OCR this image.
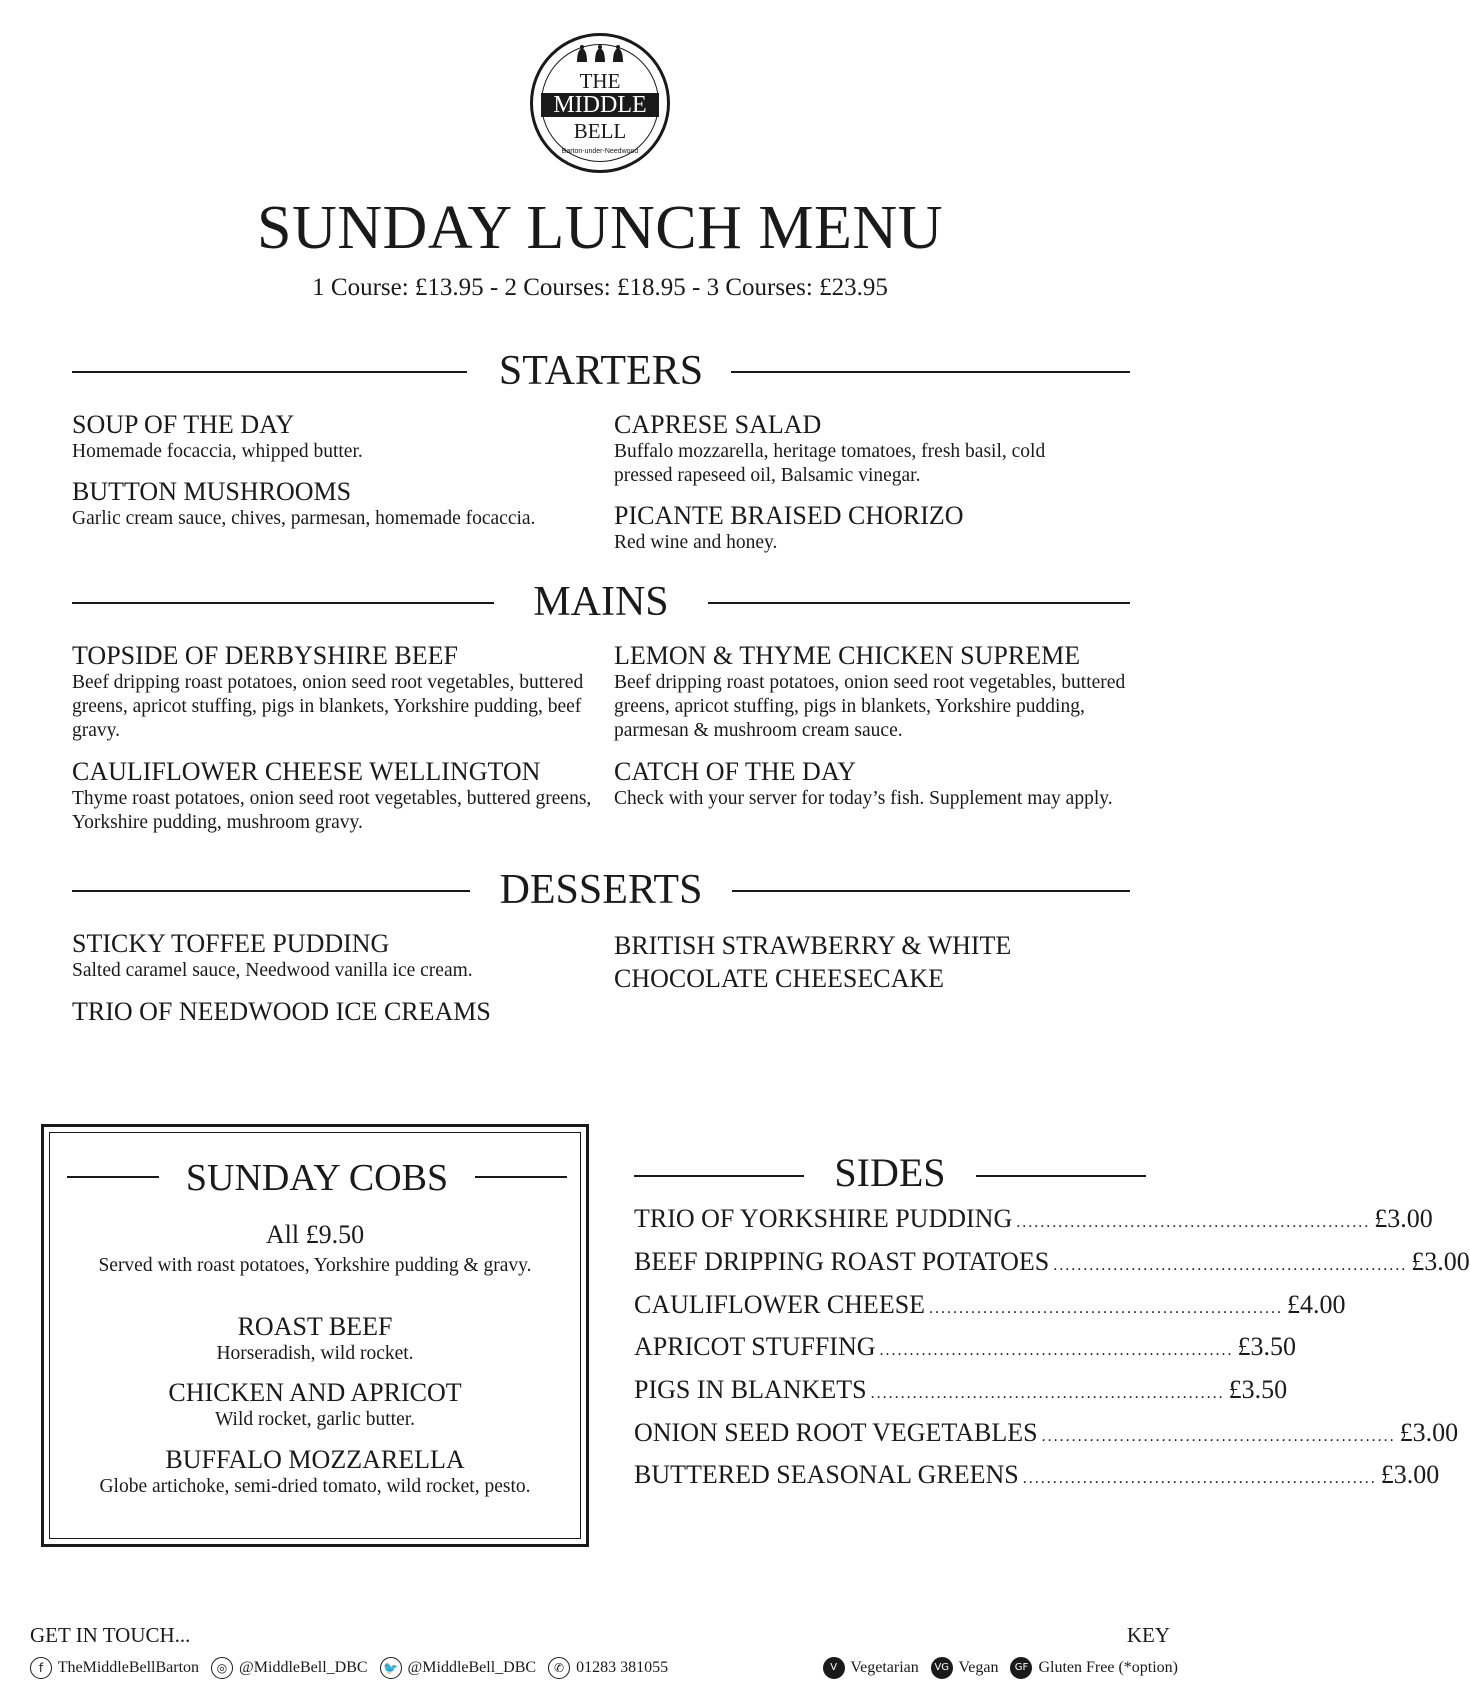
THE
MIDDLE
BELL
Barton-under-Needwood
SUNDAY LUNCH MENU
1 Course: £13.95 - 2 Courses: £18.95 - 3 Courses: £23.95
STARTERS
SOUP OF THE DAY
Homemade focaccia, whipped butter.
BUTTON MUSHROOMS
Garlic cream sauce, chives, parmesan, homemade focaccia.
CAPRESE SALAD
Buffalo mozzarella, heritage tomatoes, fresh basil, cold pressed rapeseed oil, Balsamic vinegar.
PICANTE BRAISED CHORIZO
Red wine and honey.
MAINS
TOPSIDE OF DERBYSHIRE BEEF
Beef dripping roast potatoes, onion seed root vegetables, buttered greens, apricot stuffing, pigs in blankets, Yorkshire pudding, beef gravy.
CAULIFLOWER CHEESE WELLINGTON
Thyme roast potatoes, onion seed root vegetables, buttered greens, Yorkshire pudding, mushroom gravy.
LEMON & THYME CHICKEN SUPREME
Beef dripping roast potatoes, onion seed root vegetables, buttered greens, apricot stuffing, pigs in blankets, Yorkshire pudding, parmesan & mushroom cream sauce.
CATCH OF THE DAY
Check with your server for today’s fish. Supplement may apply.
DESSERTS
STICKY TOFFEE PUDDING
Salted caramel sauce, Needwood vanilla ice cream.
TRIO OF NEEDWOOD ICE CREAMS
BRITISH STRAWBERRY & WHITE CHOCOLATE CHEESECAKE
SUNDAY COBS
All £9.50
Served with roast potatoes, Yorkshire pudding & gravy.
ROAST BEEF
Horseradish, wild rocket.
CHICKEN AND APRICOT
Wild rocket, garlic butter.
BUFFALO MOZZARELLA
Globe artichoke, semi-dried tomato, wild rocket, pesto.
SIDES
TRIO OF YORKSHIRE PUDDING ........................................................... £3.00
BEEF DRIPPING ROAST POTATOES ........................................................... £3.00
CAULIFLOWER CHEESE ........................................................... £4.00
APRICOT STUFFING ........................................................... £3.50
PIGS IN BLANKETS ........................................................... £3.50
ONION SEED ROOT VEGETABLES ........................................................... £3.00
BUTTERED SEASONAL GREENS ........................................................... £3.00
GET IN TOUCH...
f TheMiddleBellBarton ◎ @MiddleBell_DBC 🐦 @MiddleBell_DBC ✆ 01283 381055
KEY
V Vegetarian VG Vegan GF Gluten Free (*option)
